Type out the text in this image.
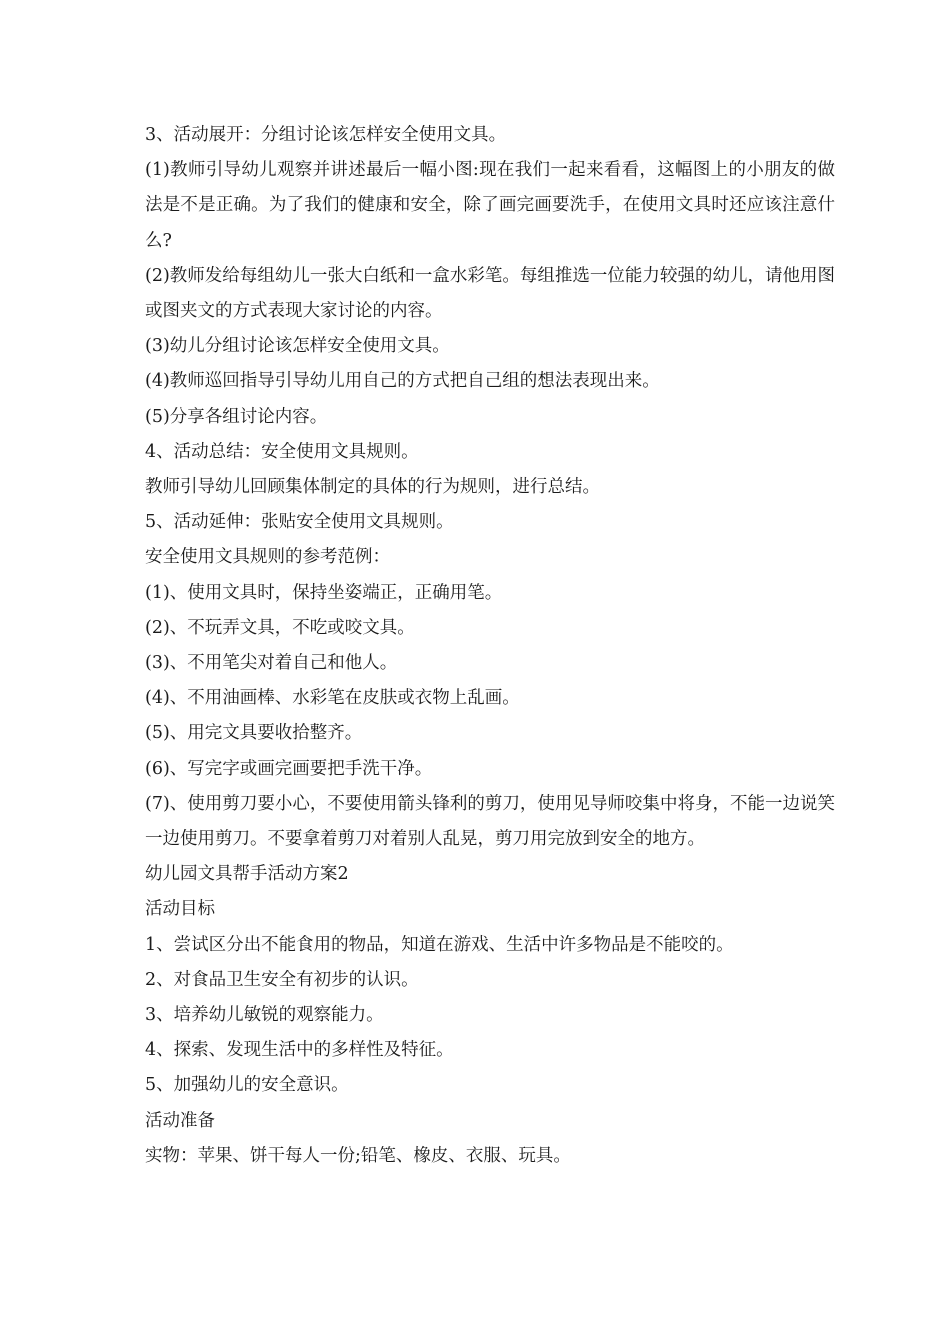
3、活动展开：分组讨论该怎样安全使用文具。

(1)教师引导幼儿观察并讲述最后一幅小图:现在我们一起来看看，这幅图上的小朋友的做法是不是正确。为了我们的健康和安全，除了画完画要洗手，在使用文具时还应该注意什么?

(2)教师发给每组幼儿一张大白纸和一盒水彩笔。每组推选一位能力较强的幼儿，请他用图或图夹文的方式表现大家讨论的内容。

(3)幼儿分组讨论该怎样安全使用文具。

(4)教师巡回指导引导幼儿用自己的方式把自己组的想法表现出来。

(5)分享各组讨论内容。

4、活动总结：安全使用文具规则。

教师引导幼儿回顾集体制定的具体的行为规则，进行总结。

5、活动延伸：张贴安全使用文具规则。

安全使用文具规则的参考范例：

(1)、使用文具时，保持坐姿端正，正确用笔。

(2)、不玩弄文具，不吃或咬文具。

(3)、不用笔尖对着自己和他人。

(4)、不用油画棒、水彩笔在皮肤或衣物上乱画。

(5)、用完文具要收拾整齐。

(6)、写完字或画完画要把手洗干净。

(7)、使用剪刀要小心，不要使用箭头锋利的剪刀，使用见导师咬集中将身，不能一边说笑一边使用剪刀。不要拿着剪刀对着别人乱晃，剪刀用完放到安全的地方。

幼儿园文具帮手活动方案2

活动目标

1、尝试区分出不能食用的物品，知道在游戏、生活中许多物品是不能咬的。

2、对食品卫生安全有初步的认识。

3、培养幼儿敏锐的观察能力。

4、探索、发现生活中的多样性及特征。

5、加强幼儿的安全意识。

活动准备

实物：苹果、饼干每人一份;铅笔、橡皮、衣服、玩具。
